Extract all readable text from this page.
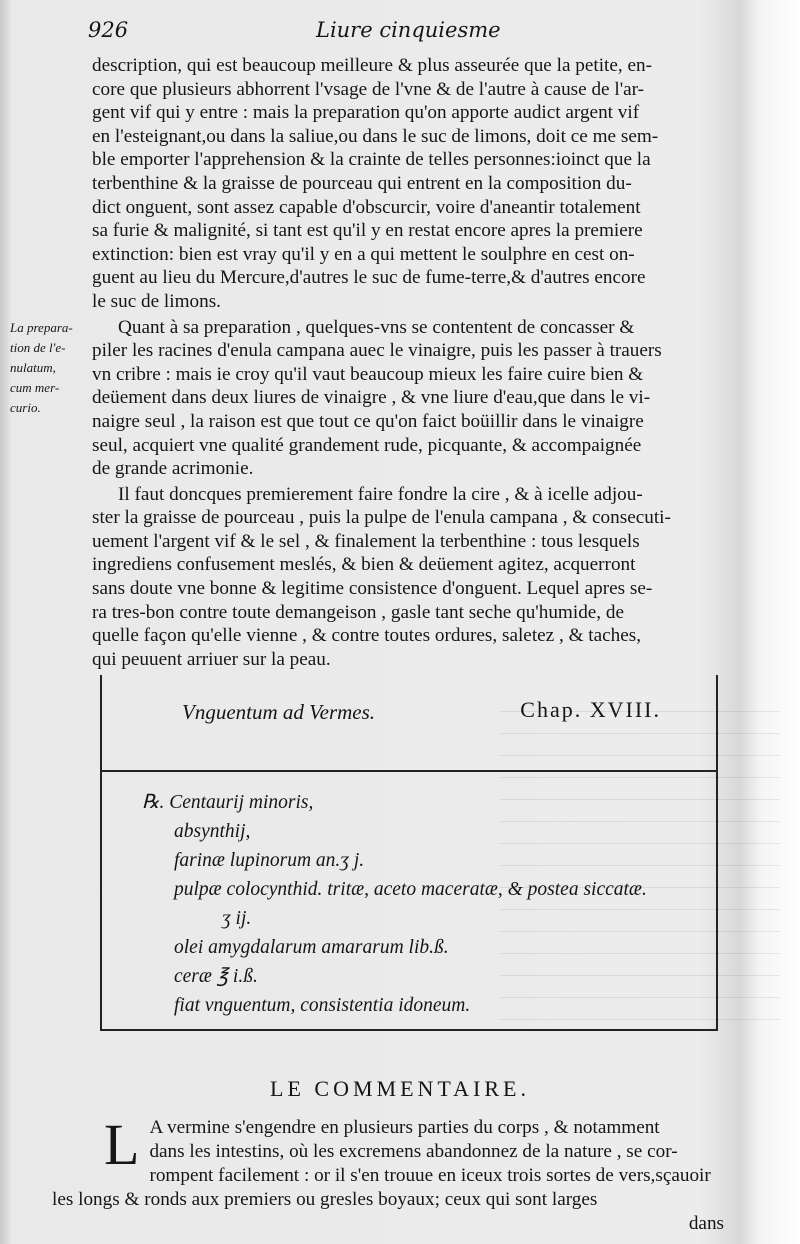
926	Liure cinquiesme
La prepara-
tion de l'e-
nulatum,
cum mer-
curio.

description, qui est beaucoup meilleure & plus asseurée que la petite, en-
core que plusieurs abhorrent l'vsage de l'vne & de l'autre à cause de l'ar-
gent vif qui y entre : mais la preparation qu'on apporte audict argent vif
en l'esteignant,ou dans la saliue,ou dans le suc de limons, doit ce me sem-
ble emporter l'apprehension & la crainte de telles personnes:ioinct que la
terbenthine & la graisse de pourceau qui entrent en la composition du-
dict onguent, sont assez capable d'obscurcir, voire d'aneantir totalement
sa furie & malignité, si tant est qu'il y en restat encore apres la premiere
extinction: bien est vray qu'il y en a qui mettent le soulphre en cest on-
guent au lieu du Mercure,d'autres le suc de fume-terre,& d'autres encore
le suc de limons.

Quant à sa preparation , quelques-vns se contentent de concasser &
piler les racines d'enula campana auec le vinaigre, puis les passer à trauers
vn cribre : mais ie croy qu'il vaut beaucoup mieux les faire cuire bien &
deüement dans deux liures de vinaigre , & vne liure d'eau,que dans le vi-
naigre seul , la raison est que tout ce qu'on faict boüillir dans le vinaigre
seul, acquiert vne qualité grandement rude, picquante, & accompaignée
de grande acrimonie.

Il faut doncques premierement faire fondre la cire , & à icelle adjou-
ster la graisse de pourceau , puis la pulpe de l'enula campana , & consecuti-
uement l'argent vif & le sel , & finalement la terbenthine : tous lesquels
ingrediens confusement meslés, & bien & deüement agitez, acquerront
sans doute vne bonne & legitime consistence d'onguent. Lequel apres se-
ra tres-bon contre toute demangeison , gasle tant seche qu'humide, de
quelle façon qu'elle vienne , & contre toutes ordures, saletez , & taches,
qui peuuent arriuer sur la peau.

Vnguentum ad Vermes.	Chap. XVIII.
℞. Centaurij minoris,
absynthij,
farinæ lupinorum an.ʒ j.
pulpæ colocynthid. tritæ, aceto maceratæ, & postea siccatæ.
ʒ ij.
olei amygdalarum amararum lib.ß.
ceræ ℥ i.ß.
fiat vnguentum, consistentia idoneum.
LE COMMENTAIRE.
L A vermine s'engendre en plusieurs parties du corps , & notamment
dans les intestins, où les excremens abandonnez de la nature , se cor-
rompent facilement : or il s'en trouue en iceux trois sortes de vers,sçauoir
les longs & ronds aux premiers ou gresles boyaux; ceux qui sont larges
dans
